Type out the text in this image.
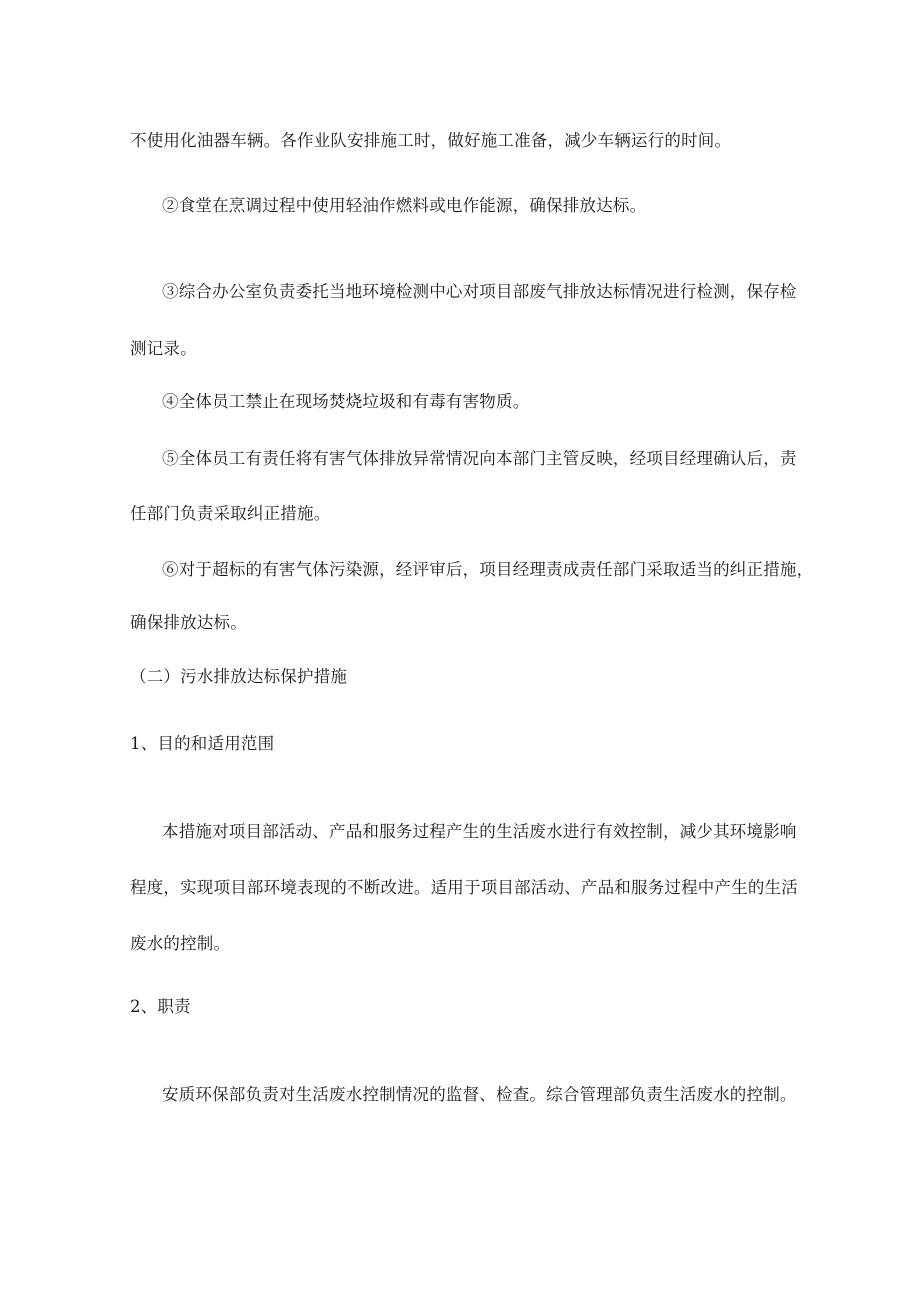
不使用化油器车辆。各作业队安排施工时，做好施工准备，减少车辆运行的时间。

②食堂在烹调过程中使用轻油作燃料或电作能源，确保排放达标。

③综合办公室负责委托当地环境检测中心对项目部废气排放达标情况进行检测，保存检

测记录。

④全体员工禁止在现场焚烧垃圾和有毒有害物质。

⑤全体员工有责任将有害气体排放异常情况向本部门主管反映，经项目经理确认后，责

任部门负责采取纠正措施。

⑥对于超标的有害气体污染源，经评审后，项目经理责成责任部门采取适当的纠正措施，

确保排放达标。

（二）污水排放达标保护措施

1、目的和适用范围

本措施对项目部活动、产品和服务过程产生的生活废水进行有效控制，减少其环境影响

程度，实现项目部环境表现的不断改进。适用于项目部活动、产品和服务过程中产生的生活

废水的控制。

2、职责

安质环保部负责对生活废水控制情况的监督、检查。综合管理部负责生活废水的控制。
